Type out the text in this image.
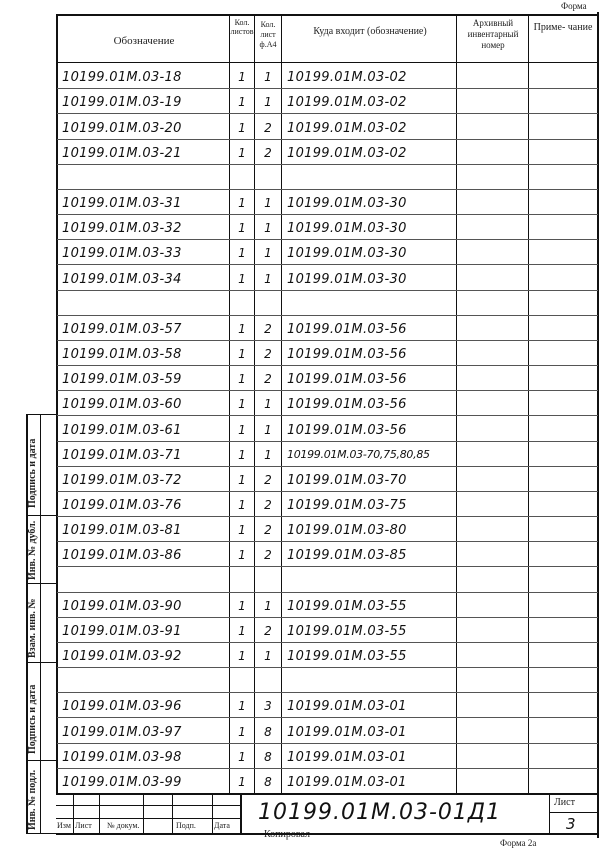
Форма
Форма 2а
Обозначение
Кол. листов
Кол. лист ф.А4
Куда входит (обозначение)
Архивный инвентарный номер
Приме- чание
10199.01М.03-18	1	1	10199.01М.03-02
10199.01М.03-19	1	1	10199.01М.03-02
10199.01М.03-20	1	2	10199.01М.03-02
10199.01М.03-21	1	2	10199.01М.03-02
10199.01М.03-31	1	1	10199.01М.03-30
10199.01М.03-32	1	1	10199.01М.03-30
10199.01М.03-33	1	1	10199.01М.03-30
10199.01М.03-34	1	1	10199.01М.03-30
10199.01М.03-57	1	2	10199.01М.03-56
10199.01М.03-58	1	2	10199.01М.03-56
10199.01М.03-59	1	2	10199.01М.03-56
10199.01М.03-60	1	1	10199.01М.03-56
10199.01М.03-61	1	1	10199.01М.03-56
10199.01М.03-71	1	1	10199.01М.03-70,75,80,85
10199.01М.03-72	1	2	10199.01М.03-70
10199.01М.03-76	1	2	10199.01М.03-75
10199.01М.03-81	1	2	10199.01М.03-80
10199.01М.03-86	1	2	10199.01М.03-85
10199.01М.03-90	1	1	10199.01М.03-55
10199.01М.03-91	1	2	10199.01М.03-55
10199.01М.03-92	1	1	10199.01М.03-55
10199.01М.03-96	1	3	10199.01М.03-01
10199.01М.03-97	1	8	10199.01М.03-01
10199.01М.03-98	1	8	10199.01М.03-01
10199.01М.03-99	1	8	10199.01М.03-01
Подпись и дата
Инв. № дубл.
Взам. инв. №
Подпись и дата
Инв. № подл. Изм Лист № докум.	Подп. Дата
10199.01М.03-01Д1	Лист
3
